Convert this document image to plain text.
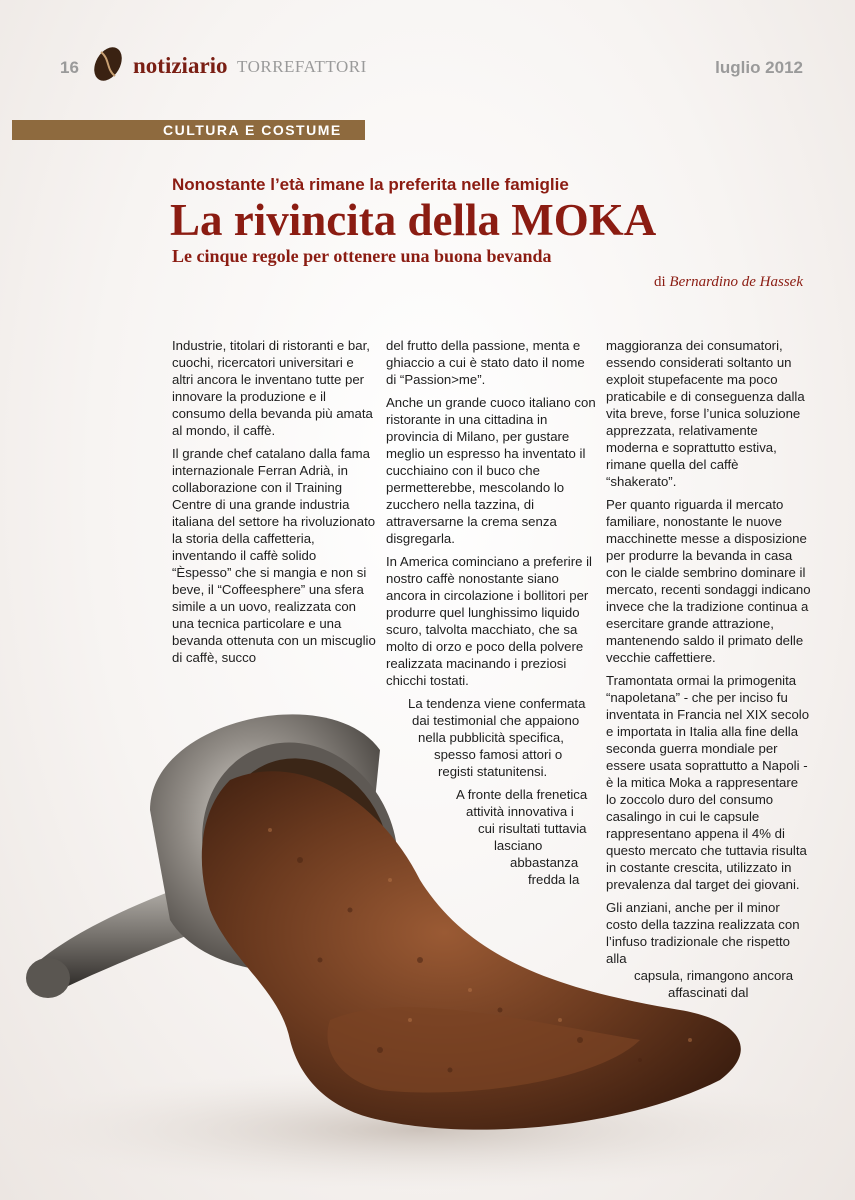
16 notiziario TORREFATTORI	luglio 2012
CULTURA E COSTUME
Nonostante l’età rimane la preferita nelle famiglie
La rivincita della MOKA
Le cinque regole per ottenere una buona bevanda
di Bernardino de Hassek

Industrie, titolari di ristoranti e bar, cuochi, ricercatori universitari e altri ancora le inventano tutte per innovare la produzione e il consumo della bevanda più amata al mondo, il caffè.

Il grande chef catalano dalla fama internazionale Ferran Adrià, in collaborazione con il Training Centre di una grande industria italiana del settore ha rivoluzionato la storia della caffetteria, inventando il caffè solido “Èspesso” che si mangia e non si beve, il “Coffeesphere” una sfera simile a un uovo, realizzata con una tecnica particolare e una bevanda ottenuta con un miscuglio di caffè, succo

del frutto della passione, menta e ghiaccio a cui è stato dato il nome di “Passion>me”.

Anche un grande cuoco italiano con ristorante in una cittadina in provincia di Milano, per gustare meglio un espresso ha inventato il cucchiaino con il buco che permetterebbe, mescolando lo zucchero nella tazzina, di attraversarne la crema senza disgregarla.

In America cominciano a preferire il nostro caffè nonostante siano ancora in circolazione i bollitori per produrre quel lunghissimo liquido scuro, talvolta macchiato, che sa molto di orzo e poco della polvere realizzata macinando i preziosi chicchi tostati.

La tendenza viene confermata

dai testimonial che appaiono

nella pubblicità specifica,

spesso famosi attori o

registi statunitensi.

A fronte della frenetica

attività innovativa i

cui risultati tuttavia

lasciano

abbastanza

fredda la

maggioranza dei consumatori, essendo considerati soltanto un exploit stupefacente ma poco praticabile e di conseguenza dalla vita breve, forse l’unica soluzione apprezzata, relativamente moderna e soprattutto estiva, rimane quella del caffè “shakerato”.

Per quanto riguarda il mercato familiare, nonostante le nuove macchinette messe a disposizione per produrre la bevanda in casa con le cialde sembrino dominare il mercato, recenti sondaggi indicano invece che la tradizione continua a esercitare grande attrazione, mantenendo saldo il primato delle vecchie caffettiere.

Tramontata ormai la primogenita “napoletana” - che per inciso fu inventata in Francia nel XIX secolo e importata in Italia alla fine della seconda guerra mondiale per essere usata soprattutto a Napoli - è la mitica Moka a rappresentare lo zoccolo duro del consumo casalingo in cui le capsule rappresentano appena il 4% di questo mercato che tuttavia risulta in costante crescita, utilizzato in prevalenza dal target dei giovani.

Gli anziani, anche per il minor costo della tazzina realizzata con l’infuso tradizionale che rispetto alla

capsula, rimangono ancora

affascinati dal
